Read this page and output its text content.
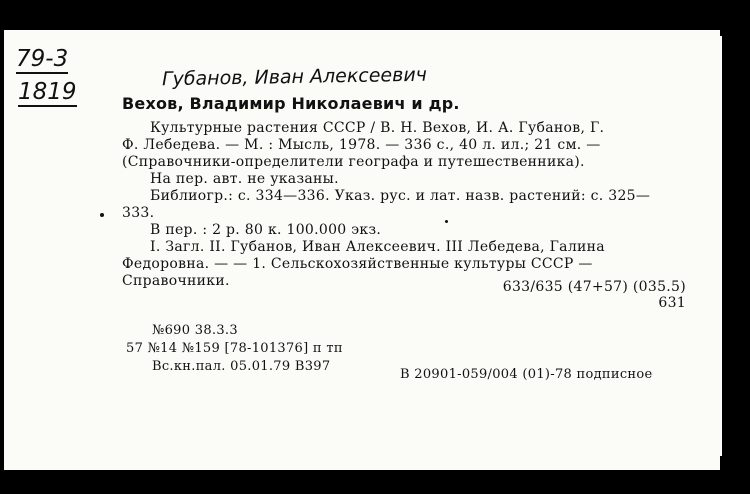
79-3
1819
Губанов, Иван Алексеевич
Вехов, Владимир Николаевич и др.
Культурные растения СССР / В. Н. Вехов, И. А. Губанов, Г.
Ф. Лебедева. — М. : Мысль, 1978. — 336 с., 40 л. ил.; 21 см. —
(Справочники-определители географа и путешественника).
На пер. авт. не указаны.
Библиогр.: с. 334—336. Указ. рус. и лат. назв. растений: с. 325—
333.
В пер. : 2 р. 80 к. 100.000 экз.
I. Загл. II. Губанов, Иван Алексеевич. III Лебедева, Галина
Федоровна. — — 1. Сельскохозяйственные культуры СССР —
Справочники.	633/635 (47+57) (035.5)
631
№690 38.3.3
57 №14 №159 [78-101376] п тп
Вс.кн.пал. 05.01.79 В397
В 20901-059/004 (01)-78 подписное
